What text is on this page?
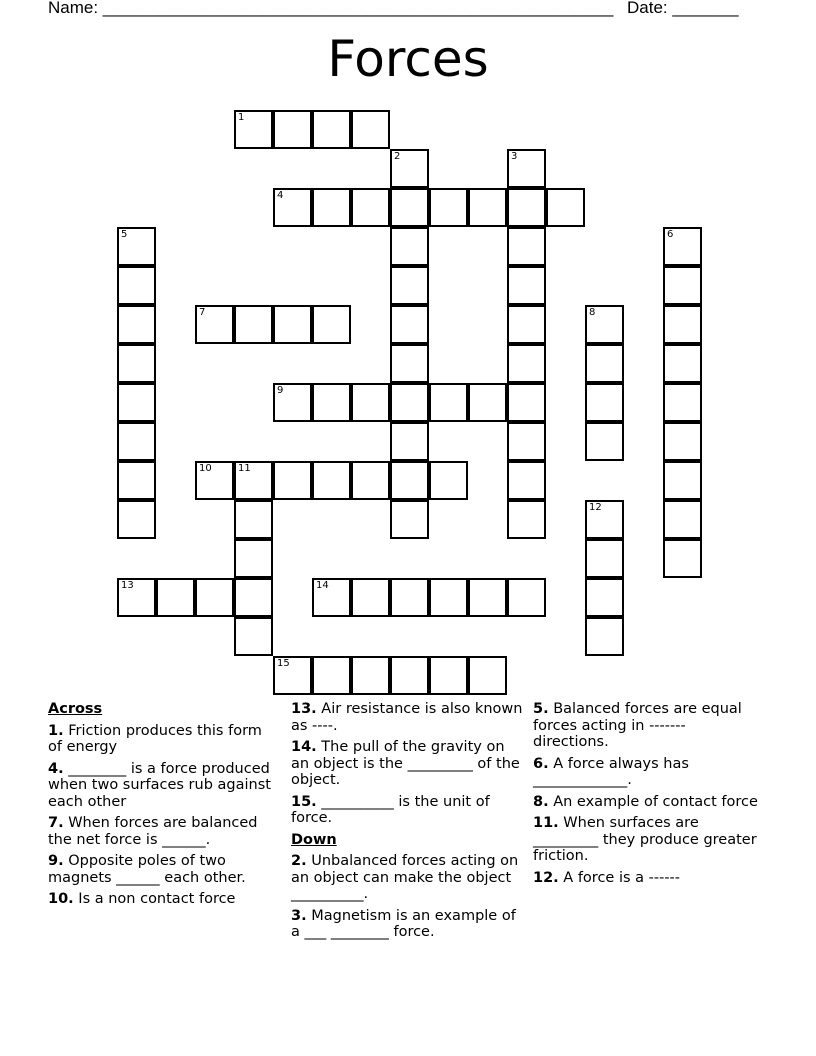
Name: ______________________________________________________ Date: _______
Forces
1
2	3
4
5	6
7	8
9
10	11
12
13	14
15
Across
1. Friction produces this form of energy
4. ________ is a force produced when two surfaces rub against each other
7. When forces are balanced the net force is ______.
9. Opposite poles of two magnets ______ each other.
10. Is a non contact force
13. Air resistance is also known as ----.
14. The pull of the gravity on an object is the _________ of the object.
15. __________ is the unit of force.
Down
2. Unbalanced forces acting on an object can make the object __________.
3. Magnetism is an example of a ___ ________ force.
5. Balanced forces are equal forces acting in ------- directions.
6. A force always has _____________.
8. An example of contact force
11. When surfaces are _________ they produce greater friction.
12. A force is a ------
